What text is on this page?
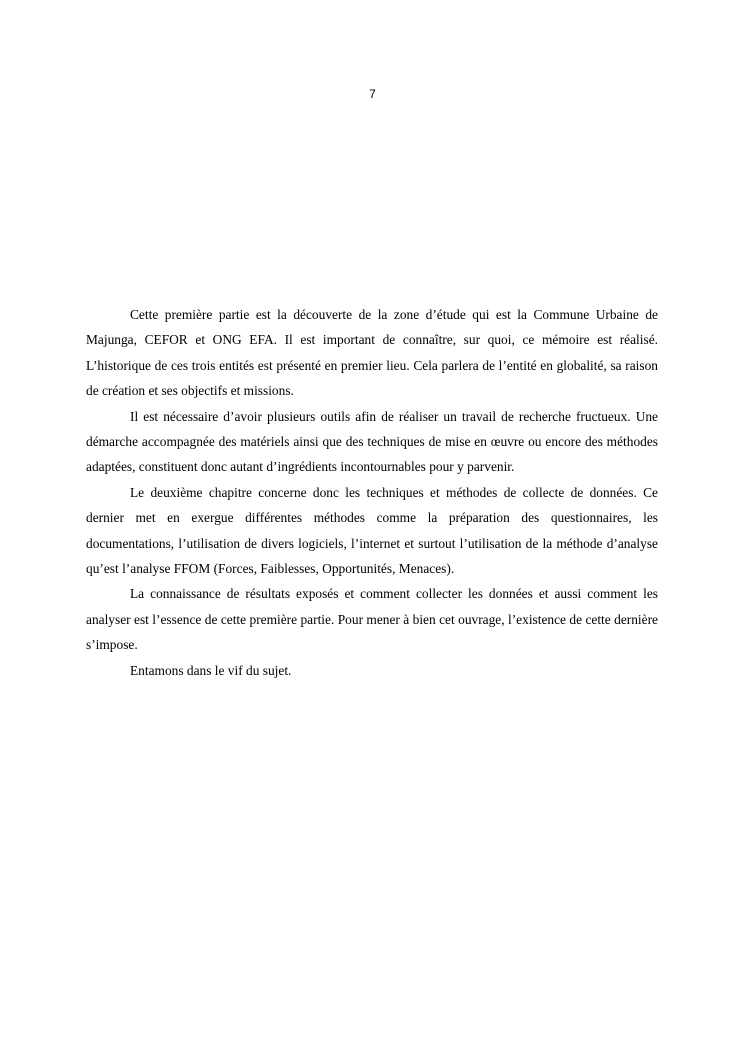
7

Cette première partie est la découverte de la zone d’étude qui est la Commune Urbaine de Majunga, CEFOR et ONG EFA. Il est important de connaître, sur quoi, ce mémoire est réalisé. L’historique de ces trois entités est présenté en premier lieu. Cela parlera de l’entité en globalité, sa raison de création et ses objectifs et missions.

Il est nécessaire d’avoir plusieurs outils afin de réaliser un travail de recherche fructueux. Une démarche accompagnée des matériels ainsi que des techniques de mise en œuvre ou encore des méthodes adaptées, constituent donc autant d’ingrédients incontournables pour y parvenir.

Le deuxième chapitre concerne donc les techniques et méthodes de collecte de données. Ce dernier met en exergue différentes méthodes comme la préparation des questionnaires, les documentations, l’utilisation de divers logiciels, l’internet et surtout l’utilisation de la méthode d’analyse qu’est l’analyse FFOM (Forces, Faiblesses, Opportunités, Menaces).

La connaissance de résultats exposés et comment collecter les données et aussi comment les analyser est l’essence de cette première partie. Pour mener à bien cet ouvrage, l’existence de cette dernière s’impose.

Entamons dans le vif du sujet.
